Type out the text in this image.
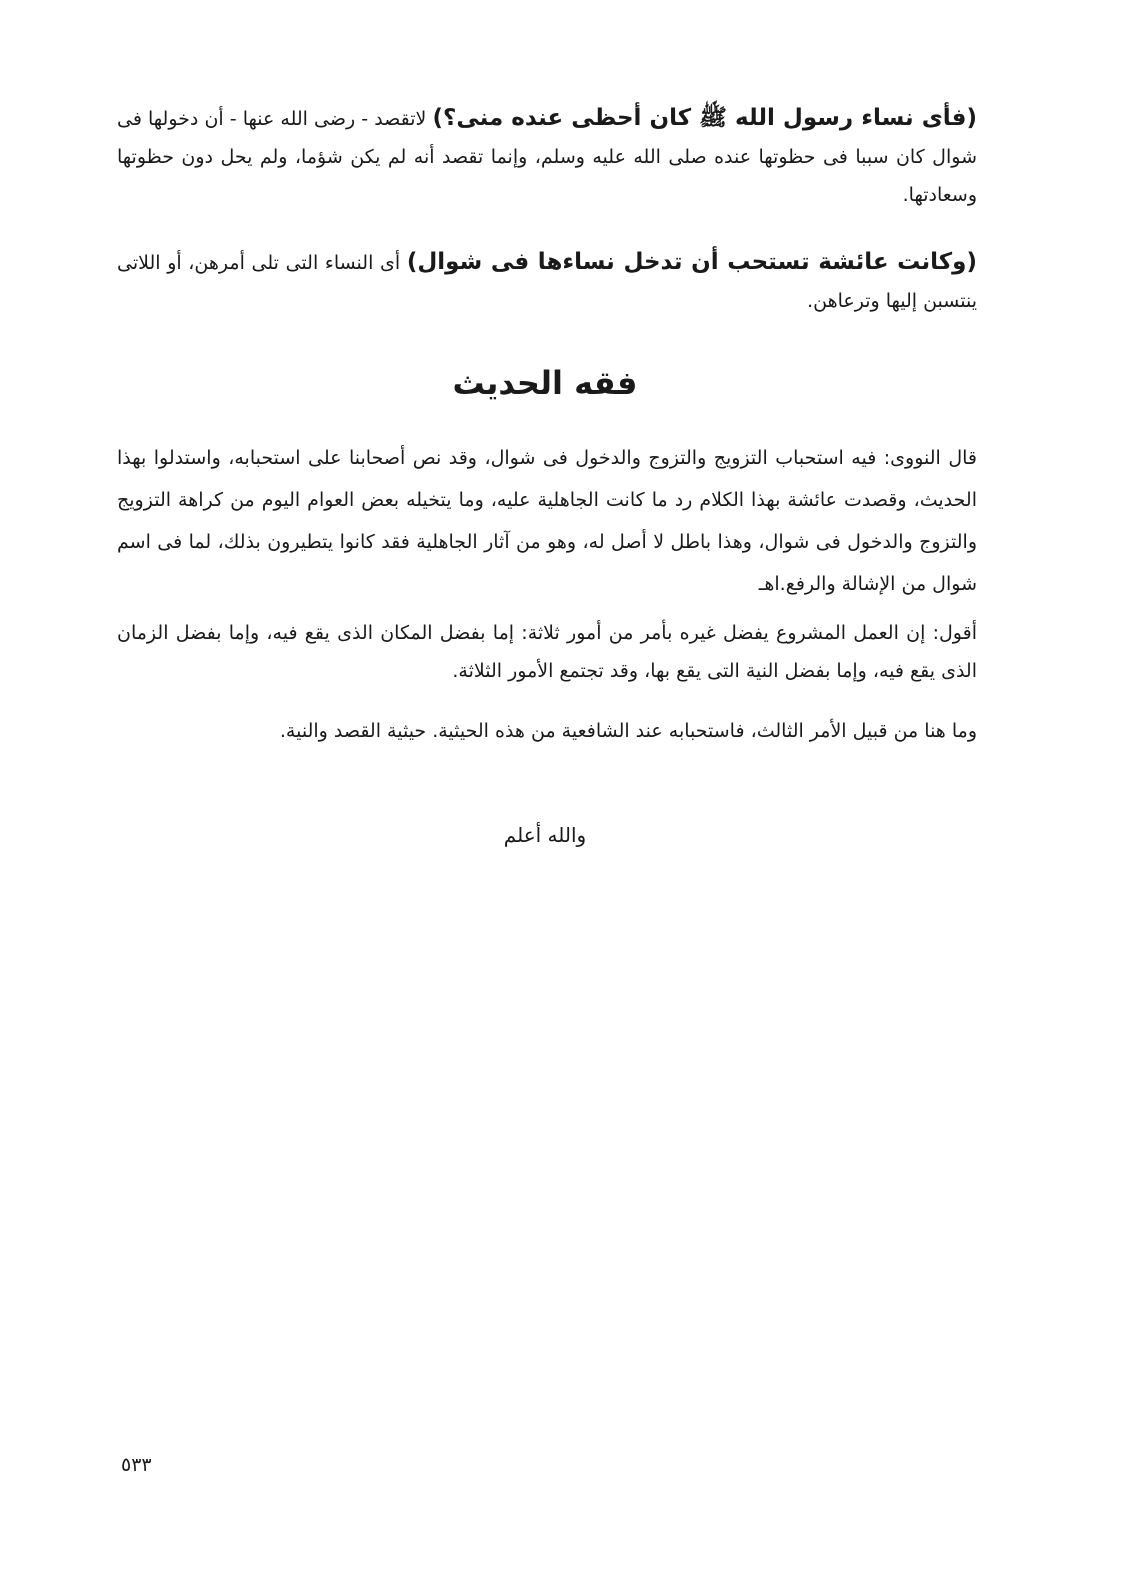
(فأى نساء رسول الله ﷺ كان أحظى عنده منى؟) لاتقصد - رضى الله عنها - أن دخولها فى شوال كان سببا فى حظوتها عنده صلى الله عليه وسلم، وإنما تقصد أنه لم يكن شؤما، ولم يحل دون حظوتها وسعادتها.

(وكانت عائشة تستحب أن تدخل نساءها فى شوال) أى النساء التى تلى أمرهن، أو اللاتى ينتسبن إليها وترعاهن.

فقه الحديث

قال النووى: فيه استحباب التزويج والتزوج والدخول فى شوال، وقد نص أصحابنا على استحبابه، واستدلوا بهذا الحديث، وقصدت عائشة بهذا الكلام رد ما كانت الجاهلية عليه، وما يتخيله بعض العوام اليوم من كراهة التزويج والتزوج والدخول فى شوال، وهذا باطل لا أصل له، وهو من آثار الجاهلية فقد كانوا يتطيرون بذلك، لما فى اسم شوال من الإشالة والرفع.اهـ

أقول: إن العمل المشروع يفضل غيره بأمر من أمور ثلاثة: إما بفضل المكان الذى يقع فيه، وإما بفضل الزمان الذى يقع فيه، وإما بفضل النية التى يقع بها، وقد تجتمع الأمور الثلاثة.

وما هنا من قبيل الأمر الثالث، فاستحبابه عند الشافعية من هذه الحيثية. حيثية القصد والنية.

والله أعلم
٥٣٣
